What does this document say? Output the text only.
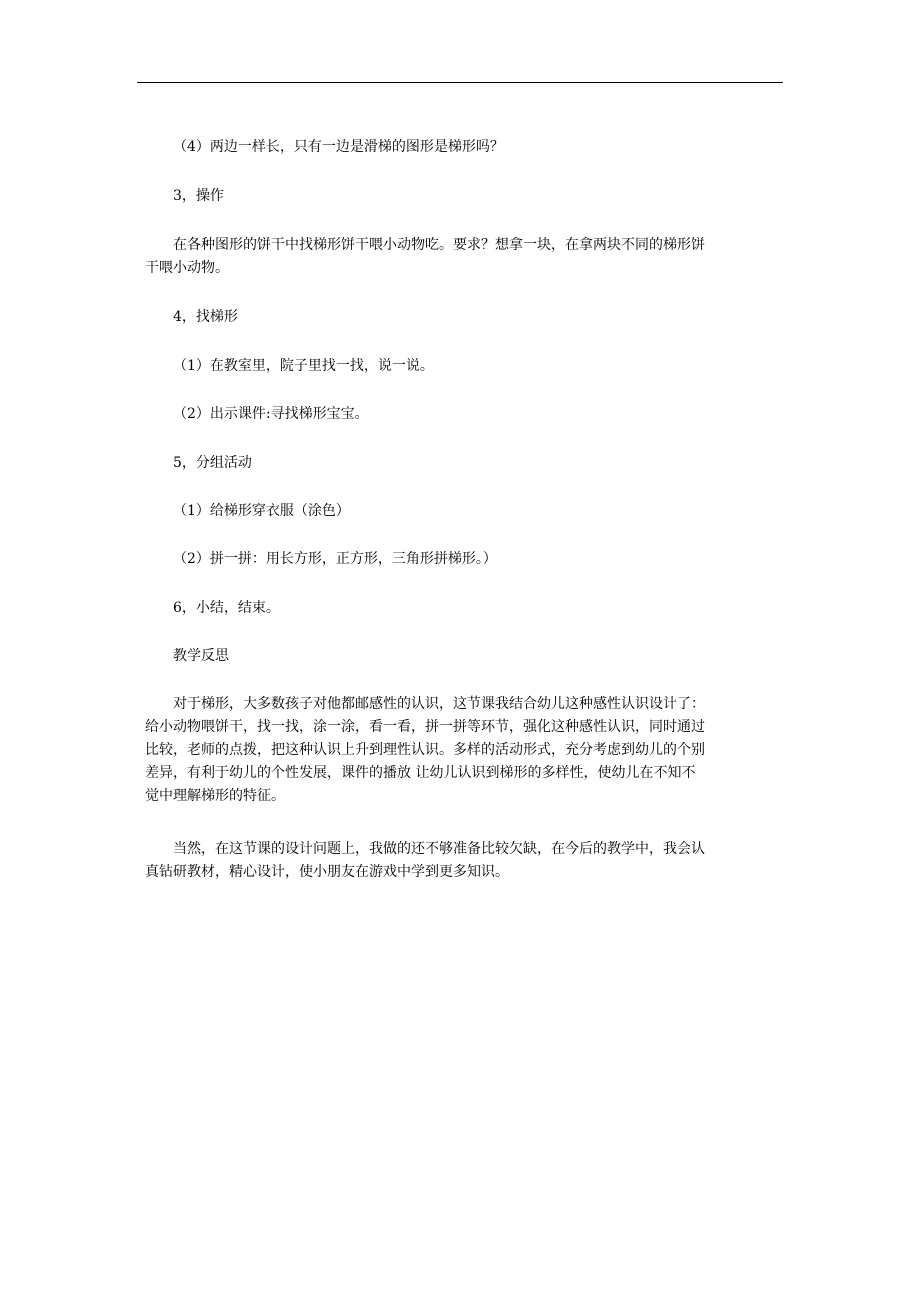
（4）两边一样长，只有一边是滑梯的图形是梯形吗？

3，操作

在各种图形的饼干中找梯形饼干喂小动物吃。要求？想拿一块，在拿两块不同的梯形饼
干喂小动物。

4，找梯形

（1）在教室里，院子里找一找，说一说。

（2）出示课件:寻找梯形宝宝。

5，分组活动

（1）给梯形穿衣服（涂色）

（2）拼一拼：用长方形，正方形，三角形拼梯形。）

6，小结，结束。

教学反思

对于梯形，大多数孩子对他都邮感性的认识，这节课我结合幼儿这种感性认识设计了：
给小动物喂饼干，找一找，涂一涂，看一看，拼一拼等环节，强化这种感性认识，同时通过
比较，老师的点拨，把这种认识上升到理性认识。多样的活动形式，充分考虑到幼儿的个别
差异，有利于幼儿的个性发展，课件的播放 让幼儿认识到梯形的多样性，使幼儿在不知不
觉中理解梯形的特征。
当然，在这节课的设计问题上，我做的还不够准备比较欠缺，在今后的教学中，我会认
真钻研教材，精心设计，使小朋友在游戏中学到更多知识。
